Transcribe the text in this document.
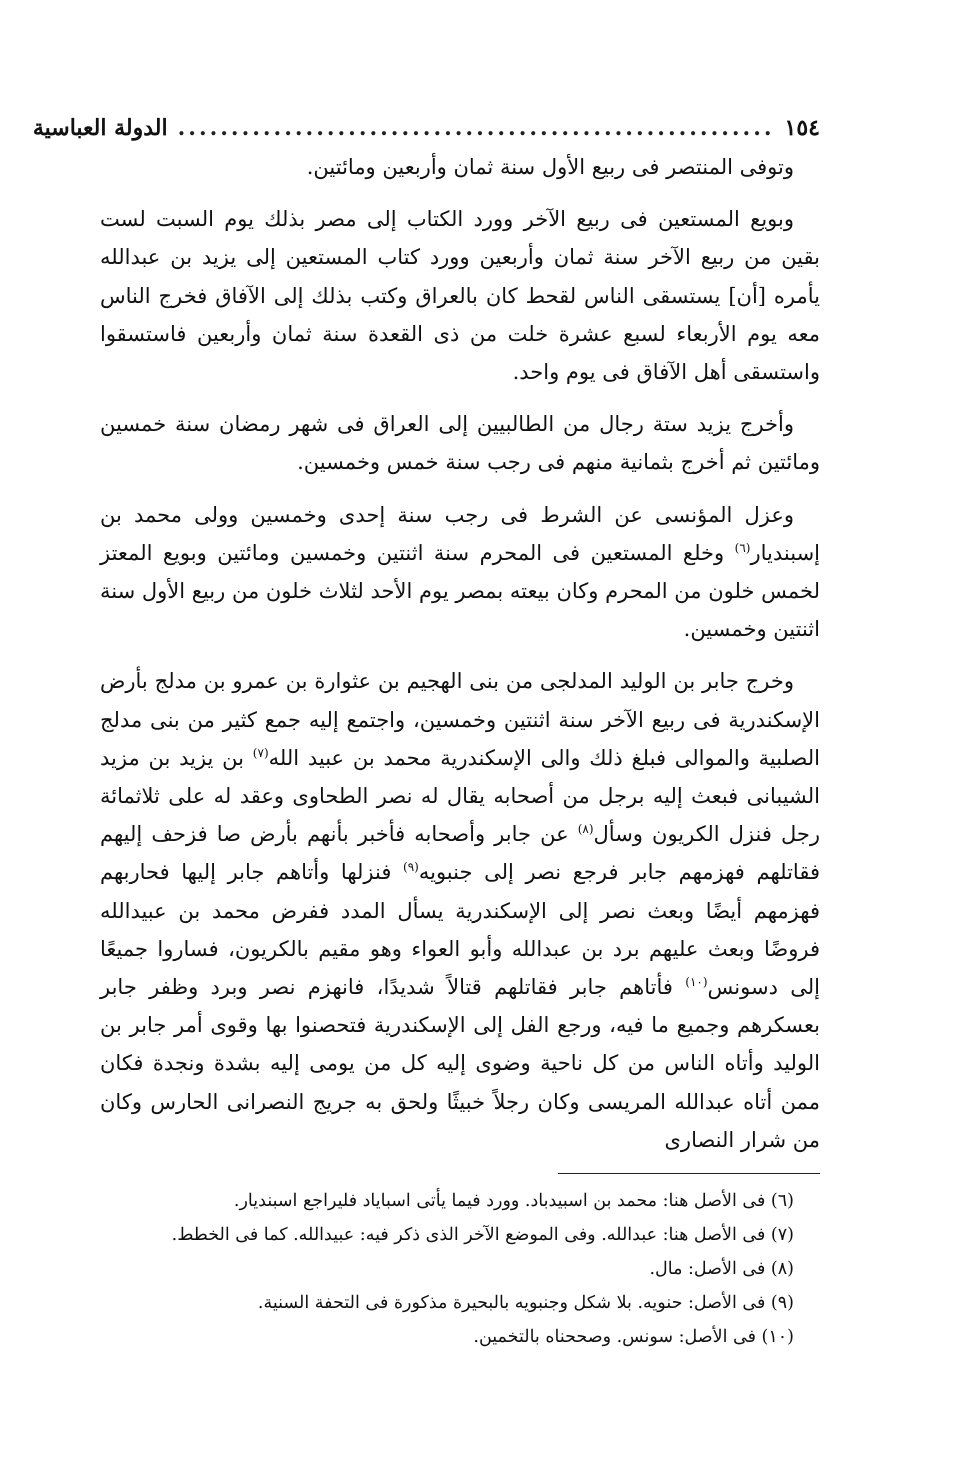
١٥٤
........................................................
الدولة العباسية

وتوفى المنتصر فى ربيع الأول سنة ثمان وأربعين ومائتين.

وبويع المستعين فى ربيع الآخر وورد الكتاب إلى مصر بذلك يوم السبت لست بقين من ربيع الآخر سنة ثمان وأربعين وورد كتاب المستعين إلى يزيد بن عبدالله يأمره [أن] يستسقى الناس لقحط كان بالعراق وكتب بذلك إلى الآفاق فخرج الناس معه يوم الأربعاء لسبع عشرة خلت من ذى القعدة سنة ثمان وأربعين فاستسقوا واستسقى أهل الآفاق فى يوم واحد.

وأخرج يزيد ستة رجال من الطالبيين إلى العراق فى شهر رمضان سنة خمسين ومائتين ثم أخرج بثمانية منهم فى رجب سنة خمس وخمسين.

وعزل المؤنسى عن الشرط فى رجب سنة إحدى وخمسين وولى محمد بن إسبنديار$^{(٦)}$ وخلع المستعين فى المحرم سنة اثنتين وخمسين ومائتين وبويع المعتز لخمس خلون من المحرم وكان بيعته بمصر يوم الأحد لثلاث خلون من ربيع الأول سنة اثنتين وخمسين.

وخرج جابر بن الوليد المدلجى من بنى الهجيم بن عثوارة بن عمرو بن مدلج بأرض الإسكندرية فى ربيع الآخر سنة اثنتين وخمسين، واجتمع إليه جمع كثير من بنى مدلج الصلبية والموالى فبلغ ذلك والى الإسكندرية محمد بن عبيد الله$^{(٧)}$ بن يزيد بن مزيد الشيبانى فبعث إليه برجل من أصحابه يقال له نصر الطحاوى وعقد له على ثلاثمائة رجل فنزل الكريون وسأل$^{(٨)}$ عن جابر وأصحابه فأخبر بأنهم بأرض صا فزحف إليهم فقاتلهم فهزمهم جابر فرجع نصر إلى جنبويه$^{(٩)}$ فنزلها وأتاهم جابر إليها فحاربهم فهزمهم أيضًا وبعث نصر إلى الإسكندرية يسأل المدد ففرض محمد بن عبيدالله فروضًا وبعث عليهم برد بن عبدالله وأبو العواء وهو مقيم بالكريون، فساروا جميعًا إلى دسونس$^{(١٠)}$ فأتاهم جابر فقاتلهم قتالاً شديدًا، فانهزم نصر وبرد وظفر جابر بعسكرهم وجميع ما فيه، ورجع الفل إلى الإسكندرية فتحصنوا بها وقوى أمر جابر بن الوليد وأتاه الناس من كل ناحية وضوى إليه كل من يومى إليه بشدة ونجدة فكان ممن أتاه عبدالله المريسى وكان رجلاً خبيثًا ولحق به جريج النصرانى الحارس وكان من شرار النصارى

(٦) فى الأصل هنا: محمد بن اسبيدباد. وورد فيما يأتى اسباياد فليراجع اسبنديار.
(٧) فى الأصل هنا: عبدالله. وفى الموضع الآخر الذى ذكر فيه: عبيدالله. كما فى الخطط.
(٨) فى الأصل: مال.
(٩) فى الأصل: حنويه. بلا شكل وجنبويه بالبحيرة مذكورة فى التحفة السنية.
(١٠) فى الأصل: سونس. وصححناه بالتخمين.
